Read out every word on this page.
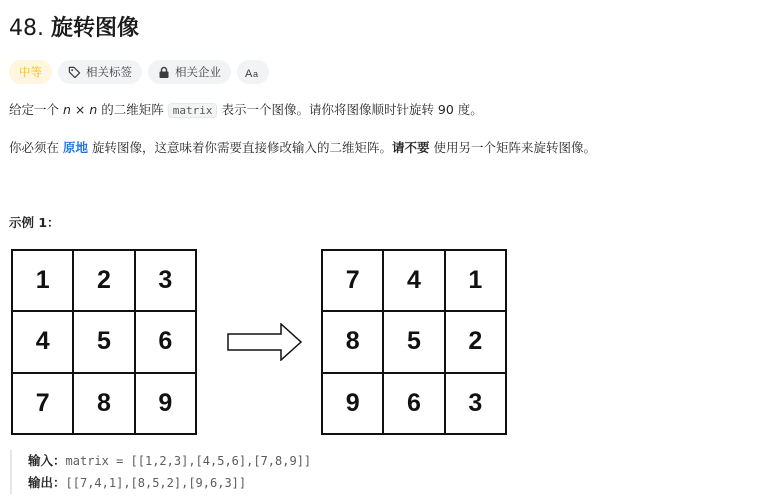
48. 旋转图像
中等	相关标签	相关企业 A a
给定一个 n × n 的二维矩阵 matrix 表示一个图像。请你将图像顺时针旋转 90 度。
你必须在 原地 旋转图像，这意味着你需要直接修改输入的二维矩阵。请不要 使用另一个矩阵来旋转图像。
示例 1：
1	2	3
4	5	6
7	8	9
7	4	1
8	5	2
9	6	3
输入：matrix = [[1,2,3],[4,5,6],[7,8,9]]
输出：[[7,4,1],[8,5,2],[9,6,3]]
